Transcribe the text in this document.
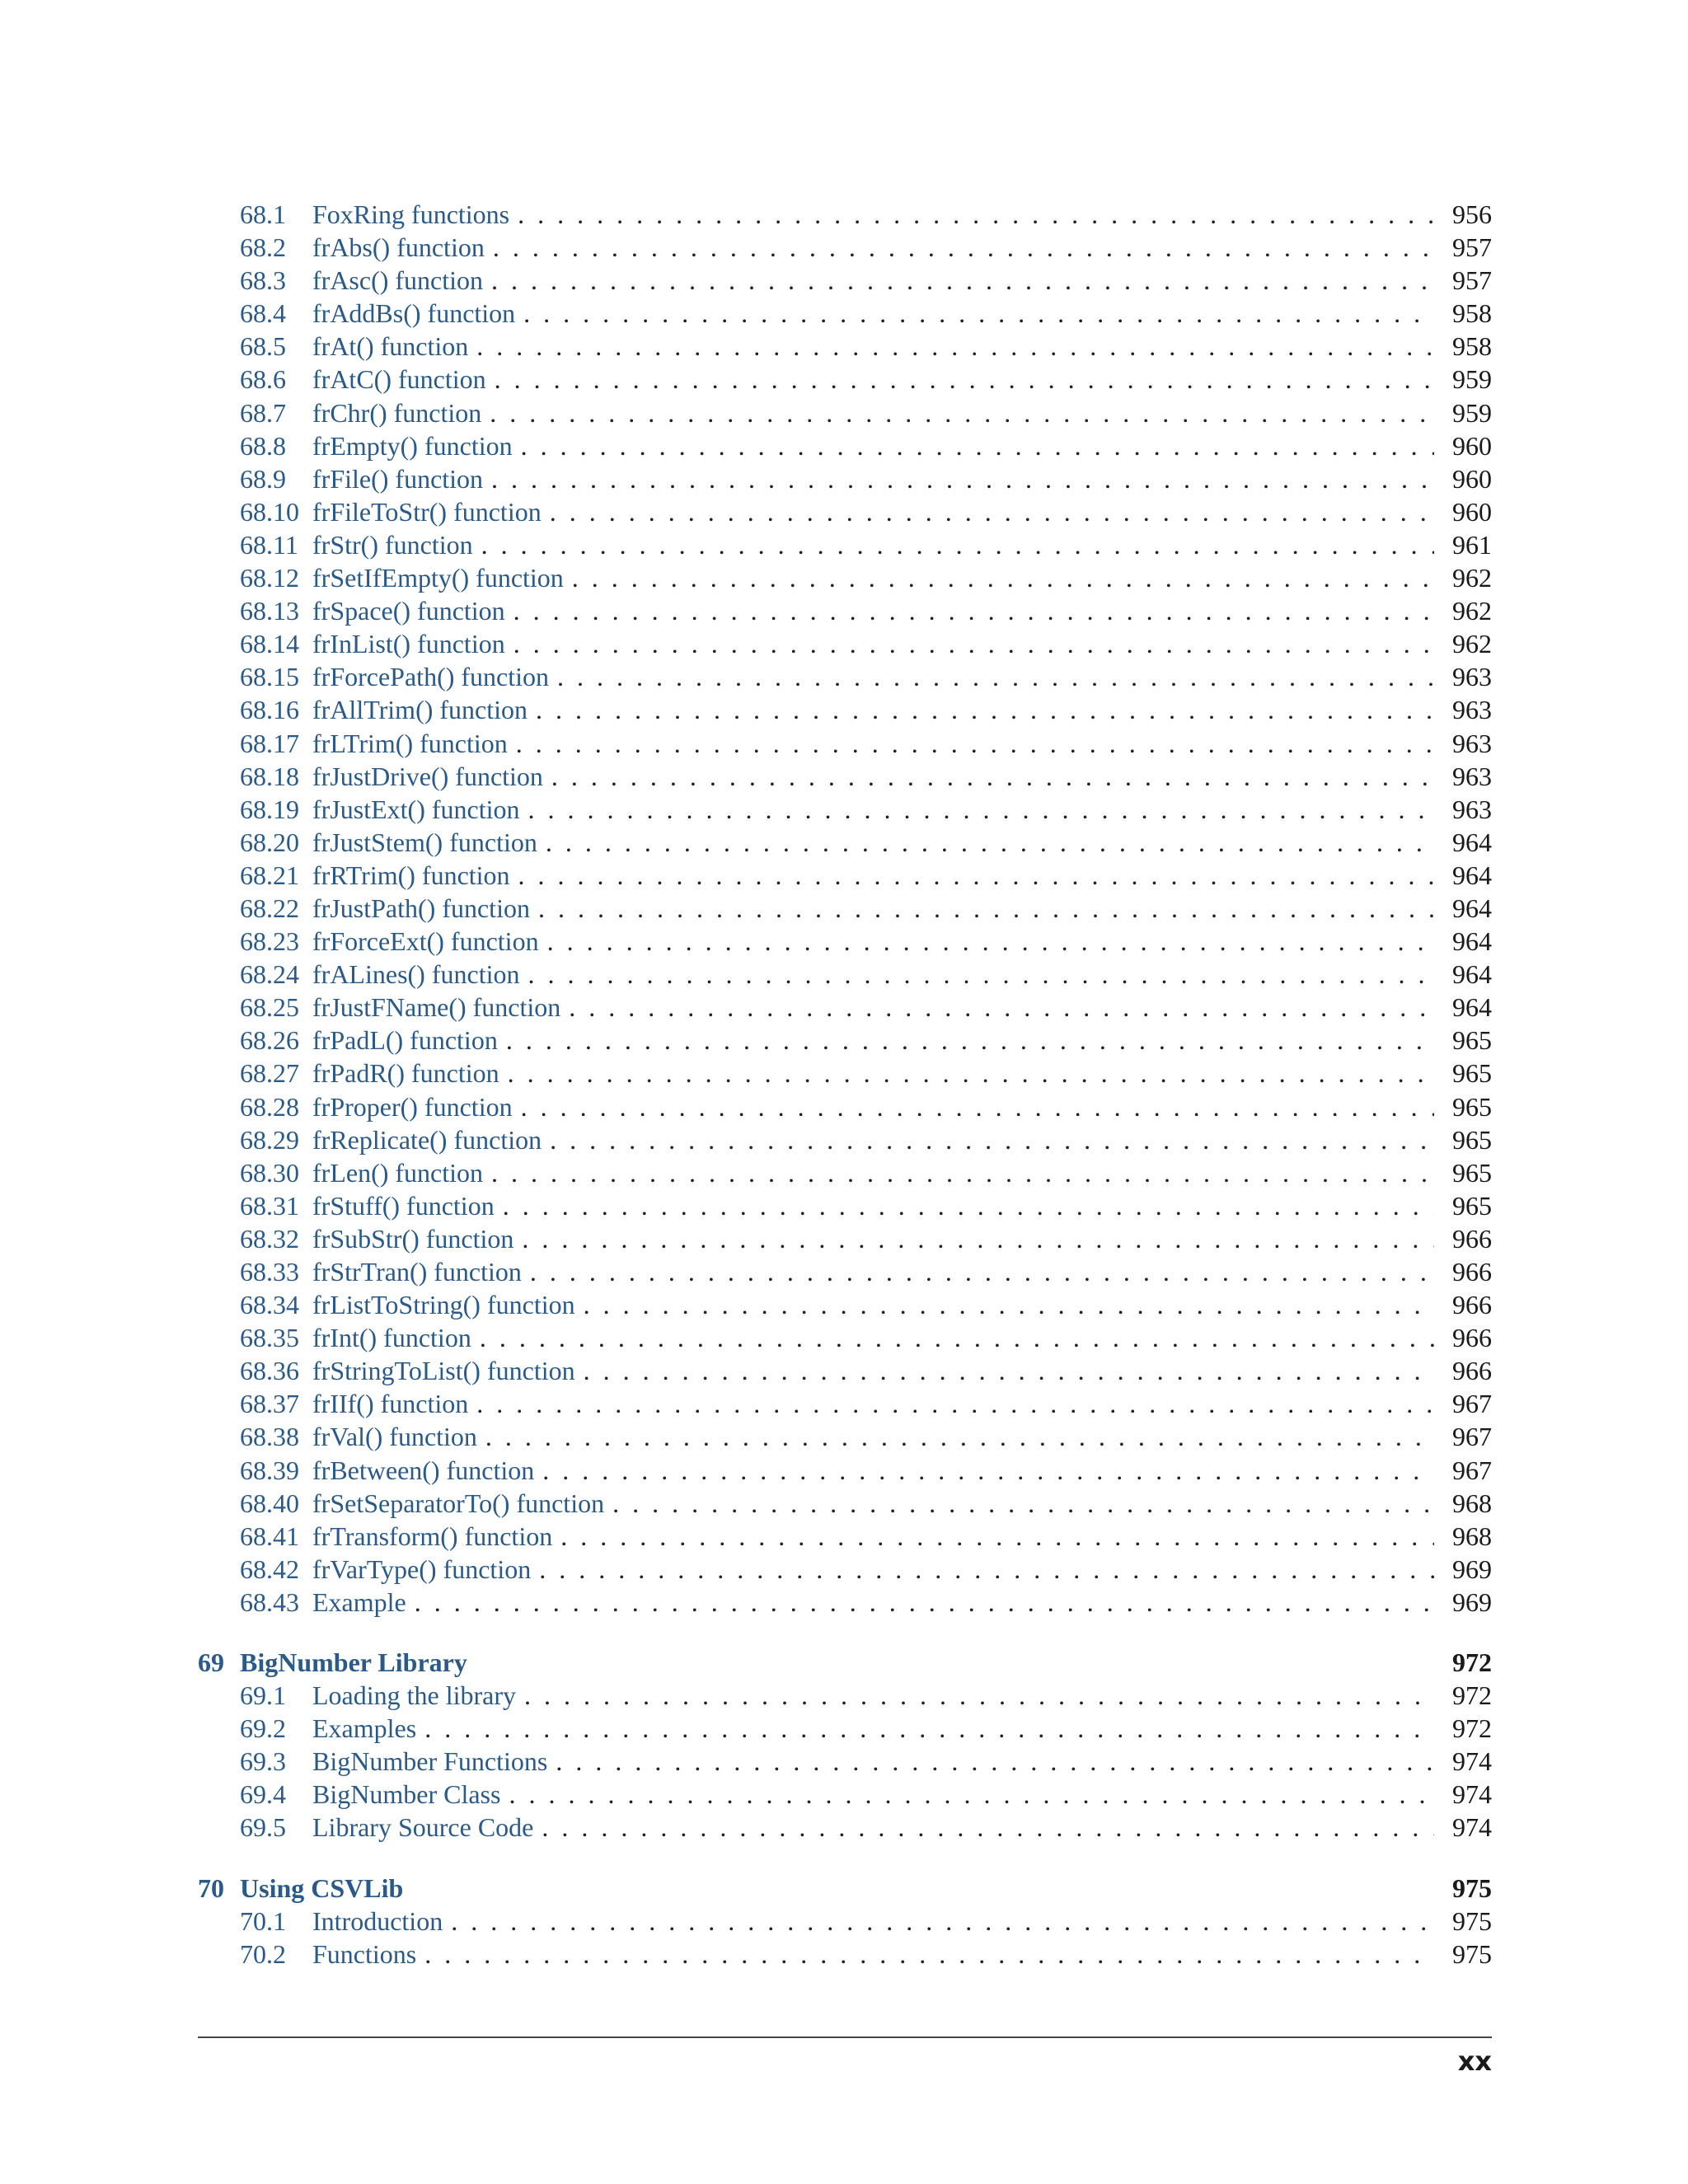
68.1	FoxRing functions . . .	956
68.2	frAbs() function . . .	957
68.3	frAsc() function . . .	957
68.4	frAddBs() function . . .	958
68.5	frAt() function . . .	958
68.6	frAtC() function . . .	959
68.7	frChr() function . . .	959
68.8	frEmpty() function . . .	960
68.9	frFile() function . . .	960
68.10 frFileToStr() function . . .	960
68.11 frStr() function . . .	961
68.12 frSetIfEmpty() function . . .	962
68.13 frSpace() function . . .	962
68.14 frInList() function . . .	962
68.15 frForcePath() function . . .	963
68.16 frAllTrim() function . . .	963
68.17 frLTrim() function . . .	963
68.18 frJustDrive() function . . .	963
68.19 frJustExt() function . . .	963
68.20 frJustStem() function . . .	964
68.21 frRTrim() function . . .	964
68.22 frJustPath() function . . .	964
68.23 frForceExt() function . . .	964
68.24 frALines() function . . .	964
68.25 frJustFName() function . . .	964
68.26 frPadL() function . . .	965
68.27 frPadR() function . . .	965
68.28 frProper() function . . .	965
68.29 frReplicate() function . . .	965
68.30 frLen() function . . .	965
68.31 frStuff() function . . .	965
68.32 frSubStr() function . . .	966
68.33 frStrTran() function . . .	966
68.34 frListToString() function . . .	966
68.35 frInt() function . . .	966
68.36 frStringToList() function . . .	966
68.37 frIIf() function . . .	967
68.38 frVal() function . . .	967
68.39 frBetween() function . . .	967
68.40 frSetSeparatorTo() function . . .	968
68.41 frTransform() function . . .	968
68.42 frVarType() function . . .	969
68.43 Example . . .	969
69 BigNumber Library	972
69.1	Loading the library . . .	972
69.2	Examples . . .	972
69.3	BigNumber Functions . . .	974
69.4	BigNumber Class . . .	974
69.5	Library Source Code . . .	974
70 Using CSVLib	975
70.1	Introduction . . .	975
70.2	Functions . . .	975
xx
